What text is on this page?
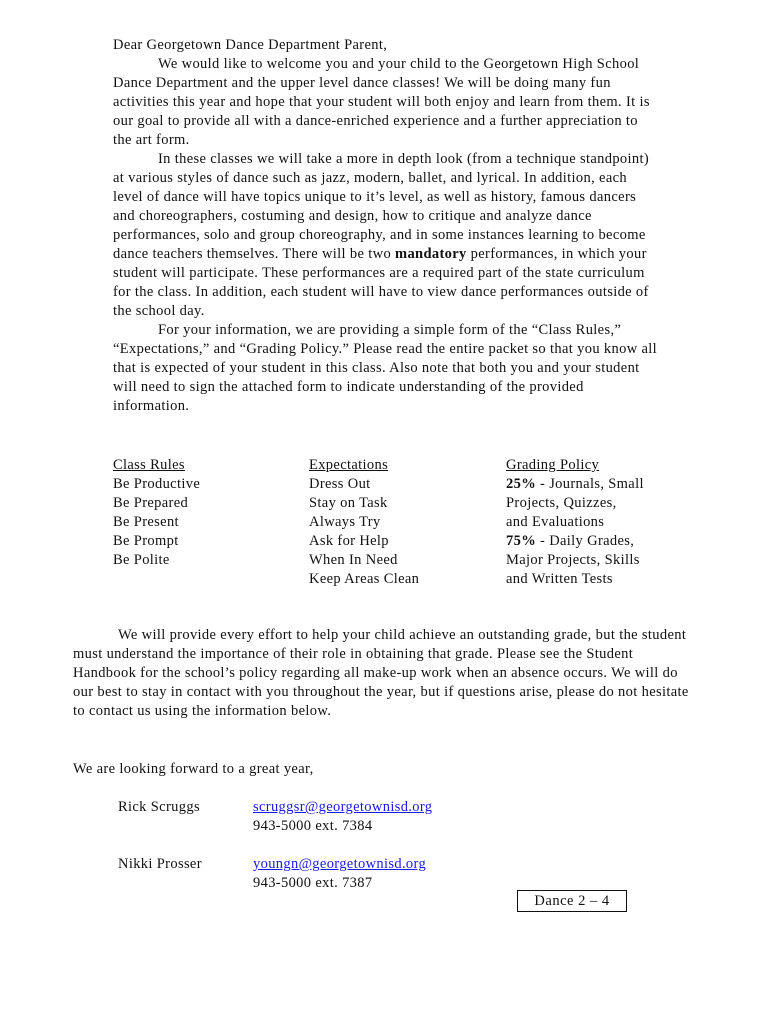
Dear Georgetown Dance Department Parent,

We would like to welcome you and your child to the Georgetown High School Dance Department and the upper level dance classes! We will be doing many fun activities this year and hope that your student will both enjoy and learn from them. It is our goal to provide all with a dance-enriched experience and a further appreciation to the art form.

In these classes we will take a more in depth look (from a technique standpoint) at various styles of dance such as jazz, modern, ballet, and lyrical. In addition, each level of dance will have topics unique to it’s level, as well as history, famous dancers and choreographers, costuming and design, how to critique and analyze dance performances, solo and group choreography, and in some instances learning to become dance teachers themselves. There will be two mandatory performances, in which your student will participate. These performances are a required part of the state curriculum for the class. In addition, each student will have to view dance performances outside of the school day.

For your information, we are providing a simple form of the “Class Rules,” “Expectations,” and “Grading Policy.” Please read the entire packet so that you know all that is expected of your student in this class. Also note that both you and your student will need to sign the attached form to indicate understanding of the provided information.

Class Rules
Be Productive
Be Prepared
Be Present
Be Prompt
Be Polite
Expectations
Dress Out
Stay on Task
Always Try
Ask for Help
When In Need
Keep Areas Clean
Grading Policy
25% - Journals, Small
Projects, Quizzes,
and Evaluations
75% - Daily Grades,
Major Projects, Skills
and Written Tests

We will provide every effort to help your child achieve an outstanding grade, but the student must understand the importance of their role in obtaining that grade. Please see the Student Handbook for the school’s policy regarding all make-up work when an absence occurs. We will do our best to stay in contact with you throughout the year, but if questions arise, please do not hesitate to contact us using the information below.

We are looking forward to a great year,
Rick Scruggs	scruggsr@georgetownisd.org
943-5000 ext. 7384
Nikki Prosser	youngn@georgetownisd.org
943-5000 ext. 7387
Dance 2 – 4
